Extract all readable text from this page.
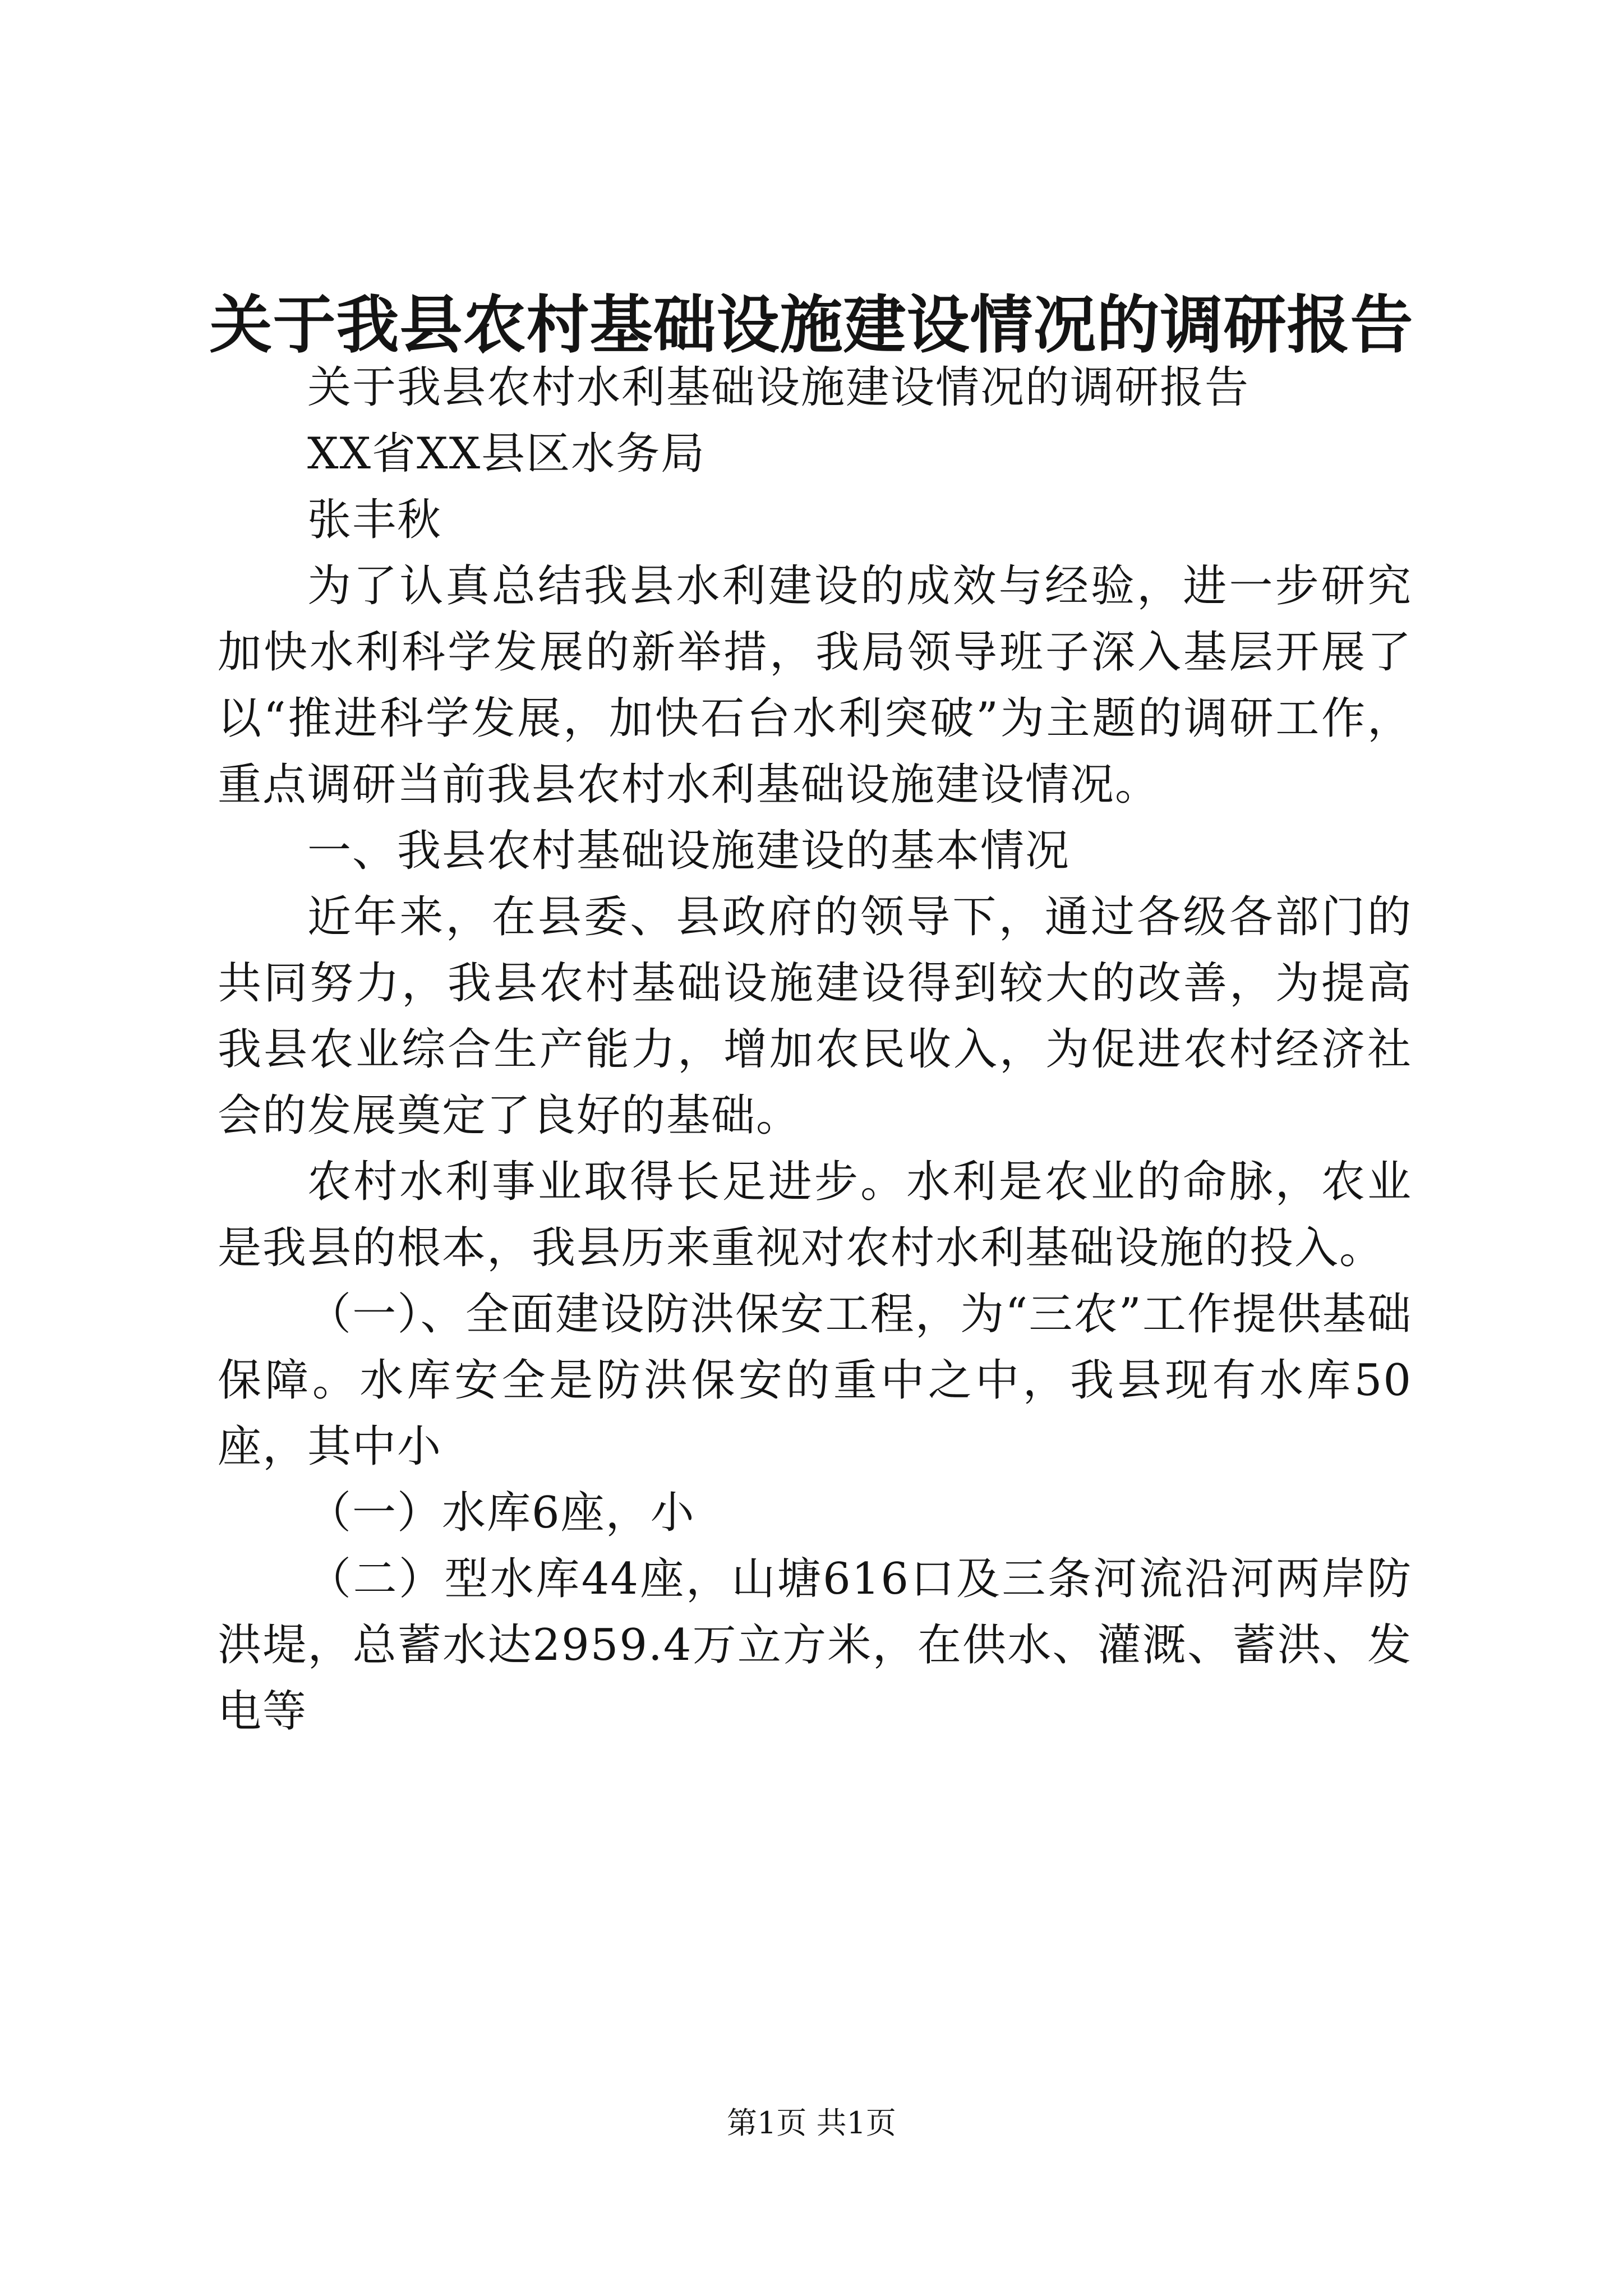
关于我县农村基础设施建设情况的调研报告

关于我县农村水利基础设施建设情况的调研报告

XX省XX县区水务局

张丰秋

为了认真总结我县水利建设的成效与经验，进一步研究加快水利科学发展的新举措，我局领导班子深入基层开展了以“推进科学发展，加快石台水利突破”为主题的调研工作，重点调研当前我县农村水利基础设施建设情况。

一、我县农村基础设施建设的基本情况

近年来，在县委、县政府的领导下，通过各级各部门的共同努力，我县农村基础设施建设得到较大的改善，为提高我县农业综合生产能力，增加农民收入，为促进农村经济社会的发展奠定了良好的基础。

农村水利事业取得长足进步。水利是农业的命脉，农业是我县的根本，我县历来重视对农村水利基础设施的投入。

（一）、全面建设防洪保安工程，为“三农”工作提供基础保障。水库安全是防洪保安的重中之中，我县现有水库50座，其中小

（一）水库6座，小

（二）型水库44座，山塘616口及三条河流沿河两岸防洪堤，总蓄水达2959.4万立方米，在供水、灌溉、蓄洪、发电等

第1页 共1页
